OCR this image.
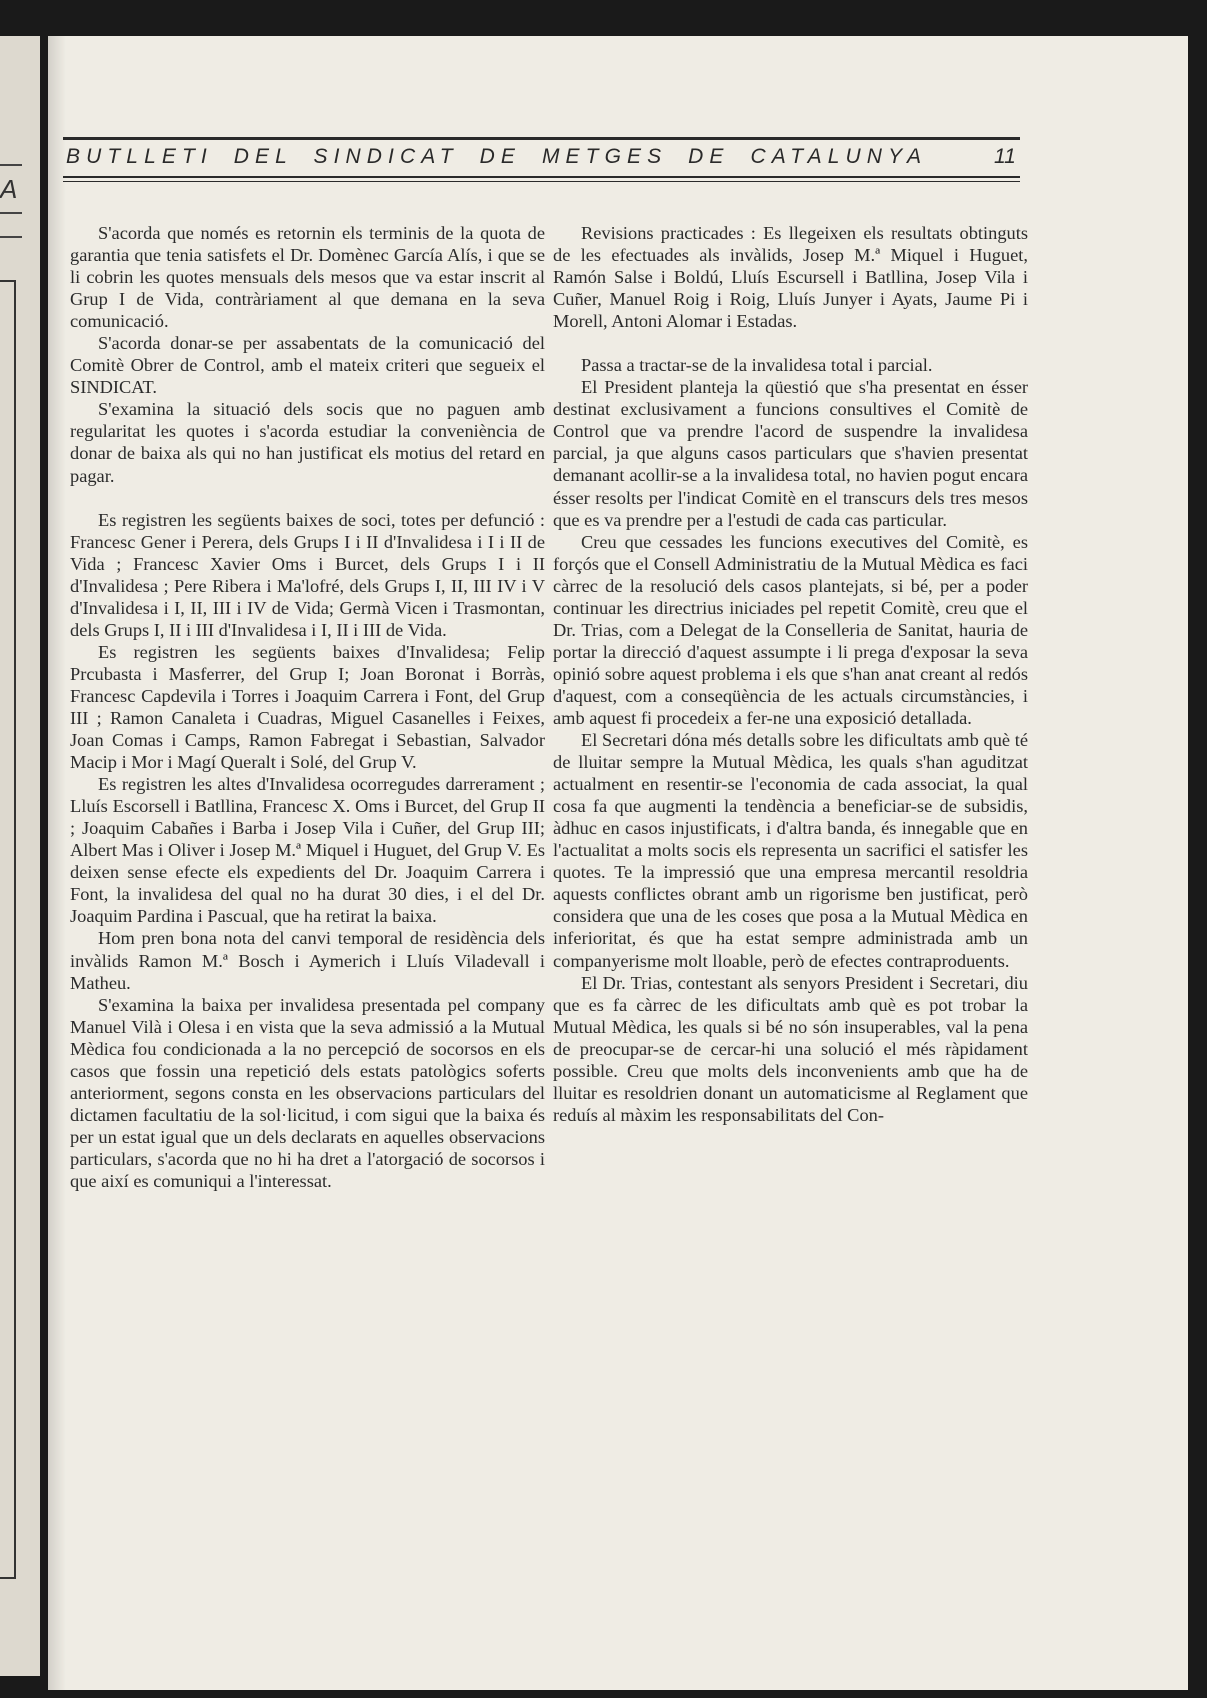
A
BUTLLETI DEL SINDICAT DE METGES DE CATALUNYA	11

S'acorda que només es retornin els terminis de la quota de garantia que tenia satisfets el Dr. Domènec García Alís, i que se li cobrin les quotes mensuals dels mesos que va estar inscrit al Grup I de Vida, contràriament al que demana en la seva comunicació.

S'acorda donar-se per assabentats de la comunicació del Comitè Obrer de Control, amb el mateix criteri que segueix el SINDICAT.

S'examina la situació dels socis que no paguen amb regularitat les quotes i s'acorda estudiar la conveniència de donar de baixa als qui no han justificat els motius del retard en pagar.

Es registren les següents baixes de soci, totes per defunció : Francesc Gener i Perera, dels Grups I i II d'Invalidesa i I i II de Vida ; Francesc Xavier Oms i Burcet, dels Grups I i II d'Invalidesa ; Pere Ribera i Ma'lofré, dels Grups I, II, III IV i V d'Invalidesa i I, II, III i IV de Vida; Germà Vicen i Trasmontan, dels Grups I, II i III d'Invalidesa i I, II i III de Vida.

Es registren les següents baixes d'Invalidesa; Felip Prcubasta i Masferrer, del Grup I; Joan Boronat i Borràs, Francesc Capdevila i Torres i Joaquim Carrera i Font, del Grup III ; Ramon Canaleta i Cuadras, Miguel Casanelles i Feixes, Joan Comas i Camps, Ramon Fabregat i Sebastian, Salvador Macip i Mor i Magí Queralt i Solé, del Grup V.

Es registren les altes d'Invalidesa ocorregudes darrerament ; Lluís Escorsell i Batllina, Francesc X. Oms i Burcet, del Grup II ; Joaquim Cabañes i Barba i Josep Vila i Cuñer, del Grup III; Albert Mas i Oliver i Josep M.ª Miquel i Huguet, del Grup V. Es deixen sense efecte els expedients del Dr. Joaquim Carrera i Font, la invalidesa del qual no ha durat 30 dies, i el del Dr. Joaquim Pardina i Pascual, que ha retirat la baixa.

Hom pren bona nota del canvi temporal de residència dels invàlids Ramon M.ª Bosch i Aymerich i Lluís Viladevall i Matheu.

S'examina la baixa per invalidesa presentada pel company Manuel Vilà i Olesa i en vista que la seva admissió a la Mutual Mèdica fou condicionada a la no percepció de socorsos en els casos que fossin una repetició dels estats patològics soferts anteriorment, segons consta en les observacions particulars del dictamen facultatiu de la sol·licitud, i com sigui que la baixa és per un estat igual que un dels declarats en aquelles observacions particulars, s'acorda que no hi ha dret a l'atorgació de socorsos i que així es comuniqui a l'interessat.

Revisions practicades : Es llegeixen els resultats obtinguts de les efectuades als invàlids, Josep M.ª Miquel i Huguet, Ramón Salse i Boldú, Lluís Escursell i Batllina, Josep Vila i Cuñer, Manuel Roig i Roig, Lluís Junyer i Ayats, Jaume Pi i Morell, Antoni Alomar i Estadas.

Passa a tractar-se de la invalidesa total i parcial.

El President planteja la qüestió que s'ha presentat en ésser destinat exclusivament a funcions consultives el Comitè de Control que va prendre l'acord de suspendre la invalidesa parcial, ja que alguns casos particulars que s'havien presentat demanant acollir-se a la invalidesa total, no havien pogut encara ésser resolts per l'indicat Comitè en el transcurs dels tres mesos que es va prendre per a l'estudi de cada cas particular.

Creu que cessades les funcions executives del Comitè, es forçós que el Consell Administratiu de la Mutual Mèdica es faci càrrec de la resolució dels casos plantejats, si bé, per a poder continuar les directrius iniciades pel repetit Comitè, creu que el Dr. Trias, com a Delegat de la Conselleria de Sanitat, hauria de portar la direcció d'aquest assumpte i li prega d'exposar la seva opinió sobre aquest problema i els que s'han anat creant al redós d'aquest, com a conseqüència de les actuals circumstàncies, i amb aquest fi procedeix a fer-ne una exposició detallada.

El Secretari dóna més detalls sobre les dificultats amb què té de lluitar sempre la Mutual Mèdica, les quals s'han aguditzat actualment en resentir-se l'economia de cada associat, la qual cosa fa que augmenti la tendència a beneficiar-se de subsidis, àdhuc en casos injustificats, i d'altra banda, és innegable que en l'actualitat a molts socis els representa un sacrifici el satisfer les quotes. Te la impressió que una empresa mercantil resoldria aquests conflictes obrant amb un rigorisme ben justificat, però considera que una de les coses que posa a la Mutual Mèdica en inferioritat, és que ha estat sempre administrada amb un companyerisme molt lloable, però de efectes contraproduents.

El Dr. Trias, contestant als senyors President i Secretari, diu que es fa càrrec de les dificultats amb què es pot trobar la Mutual Mèdica, les quals si bé no són insuperables, val la pena de preocupar-se de cercar-hi una solució el més ràpidament possible. Creu que molts dels inconvenients amb que ha de lluitar es resoldrien donant un automaticisme al Reglament que reduís al màxim les responsabilitats del Con-
